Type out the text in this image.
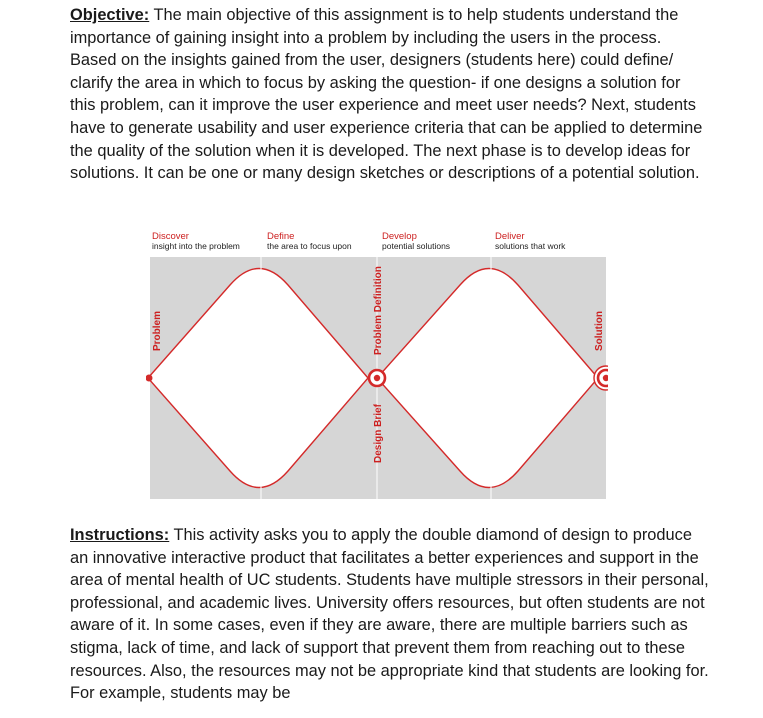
Objective: The main objective of this assignment is to help students understand the importance of gaining insight into a problem by including the users in the process. Based on the insights gained from the user, designers (students here) could define/ clarify the area in which to focus by asking the question- if one designs a solution for this problem, can it improve the user experience and meet user needs? Next, students have to generate usability and user experience criteria that can be applied to determine the quality of the solution when it is developed. The next phase is to develop ideas for solutions. It can be one or many design sketches or descriptions of a potential solution.
Discover
insight into the problem
Define
the area to focus upon
Develop
potential solutions
Deliver
solutions that work
Problem	Problem Definition
Design Brief
Solution
Instructions: This activity asks you to apply the double diamond of design to produce an innovative interactive product that facilitates a better experiences and support in the area of mental health of UC students. Students have multiple stressors in their personal, professional, and academic lives. University offers resources, but often students are not aware of it. In some cases, even if they are aware, there are multiple barriers such as stigma, lack of time, and lack of support that prevent them from reaching out to these resources. Also, the resources may not be appropriate kind that students are looking for. For example, students may be
